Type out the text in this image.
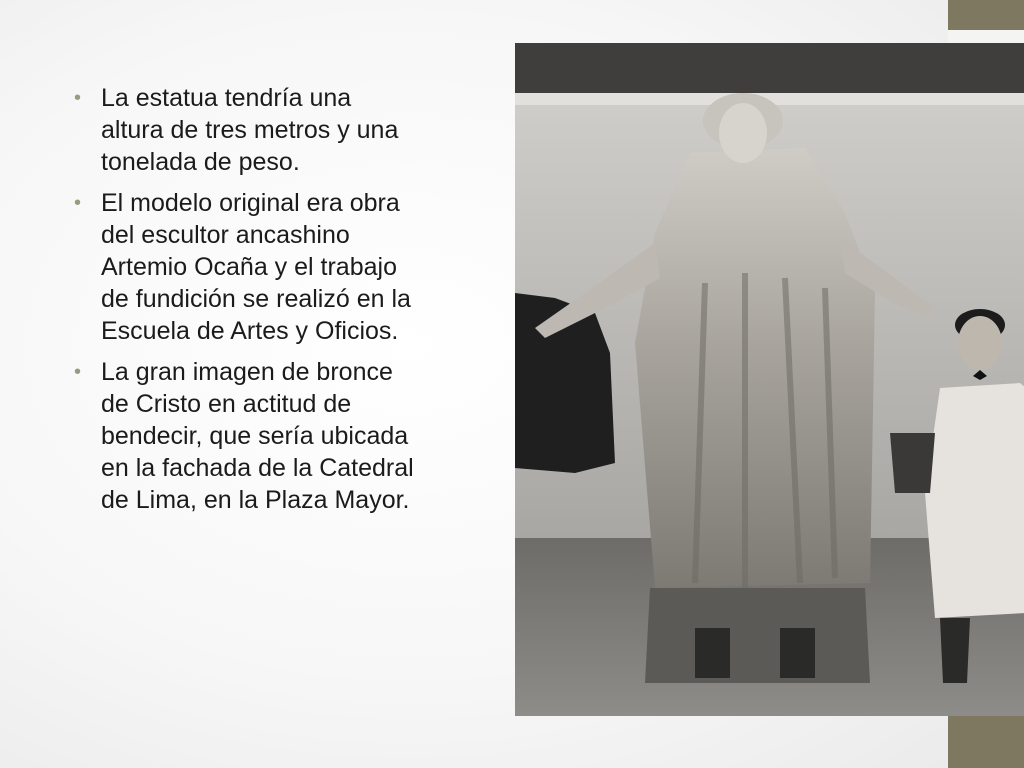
• La estatua tendría una altura de tres metros y una tonelada de peso.
• El modelo original era obra del escultor ancashino Artemio Ocaña y el trabajo de fundición se realizó en la Escuela de Artes y Oficios.
• La gran imagen de bronce de Cristo en actitud de bendecir, que sería ubicada en la fachada de la Catedral de Lima, en la Plaza Mayor.
